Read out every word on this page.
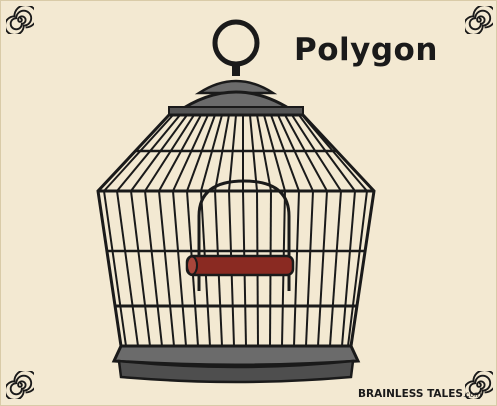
Polygon
BRAINLESS TALES.com
